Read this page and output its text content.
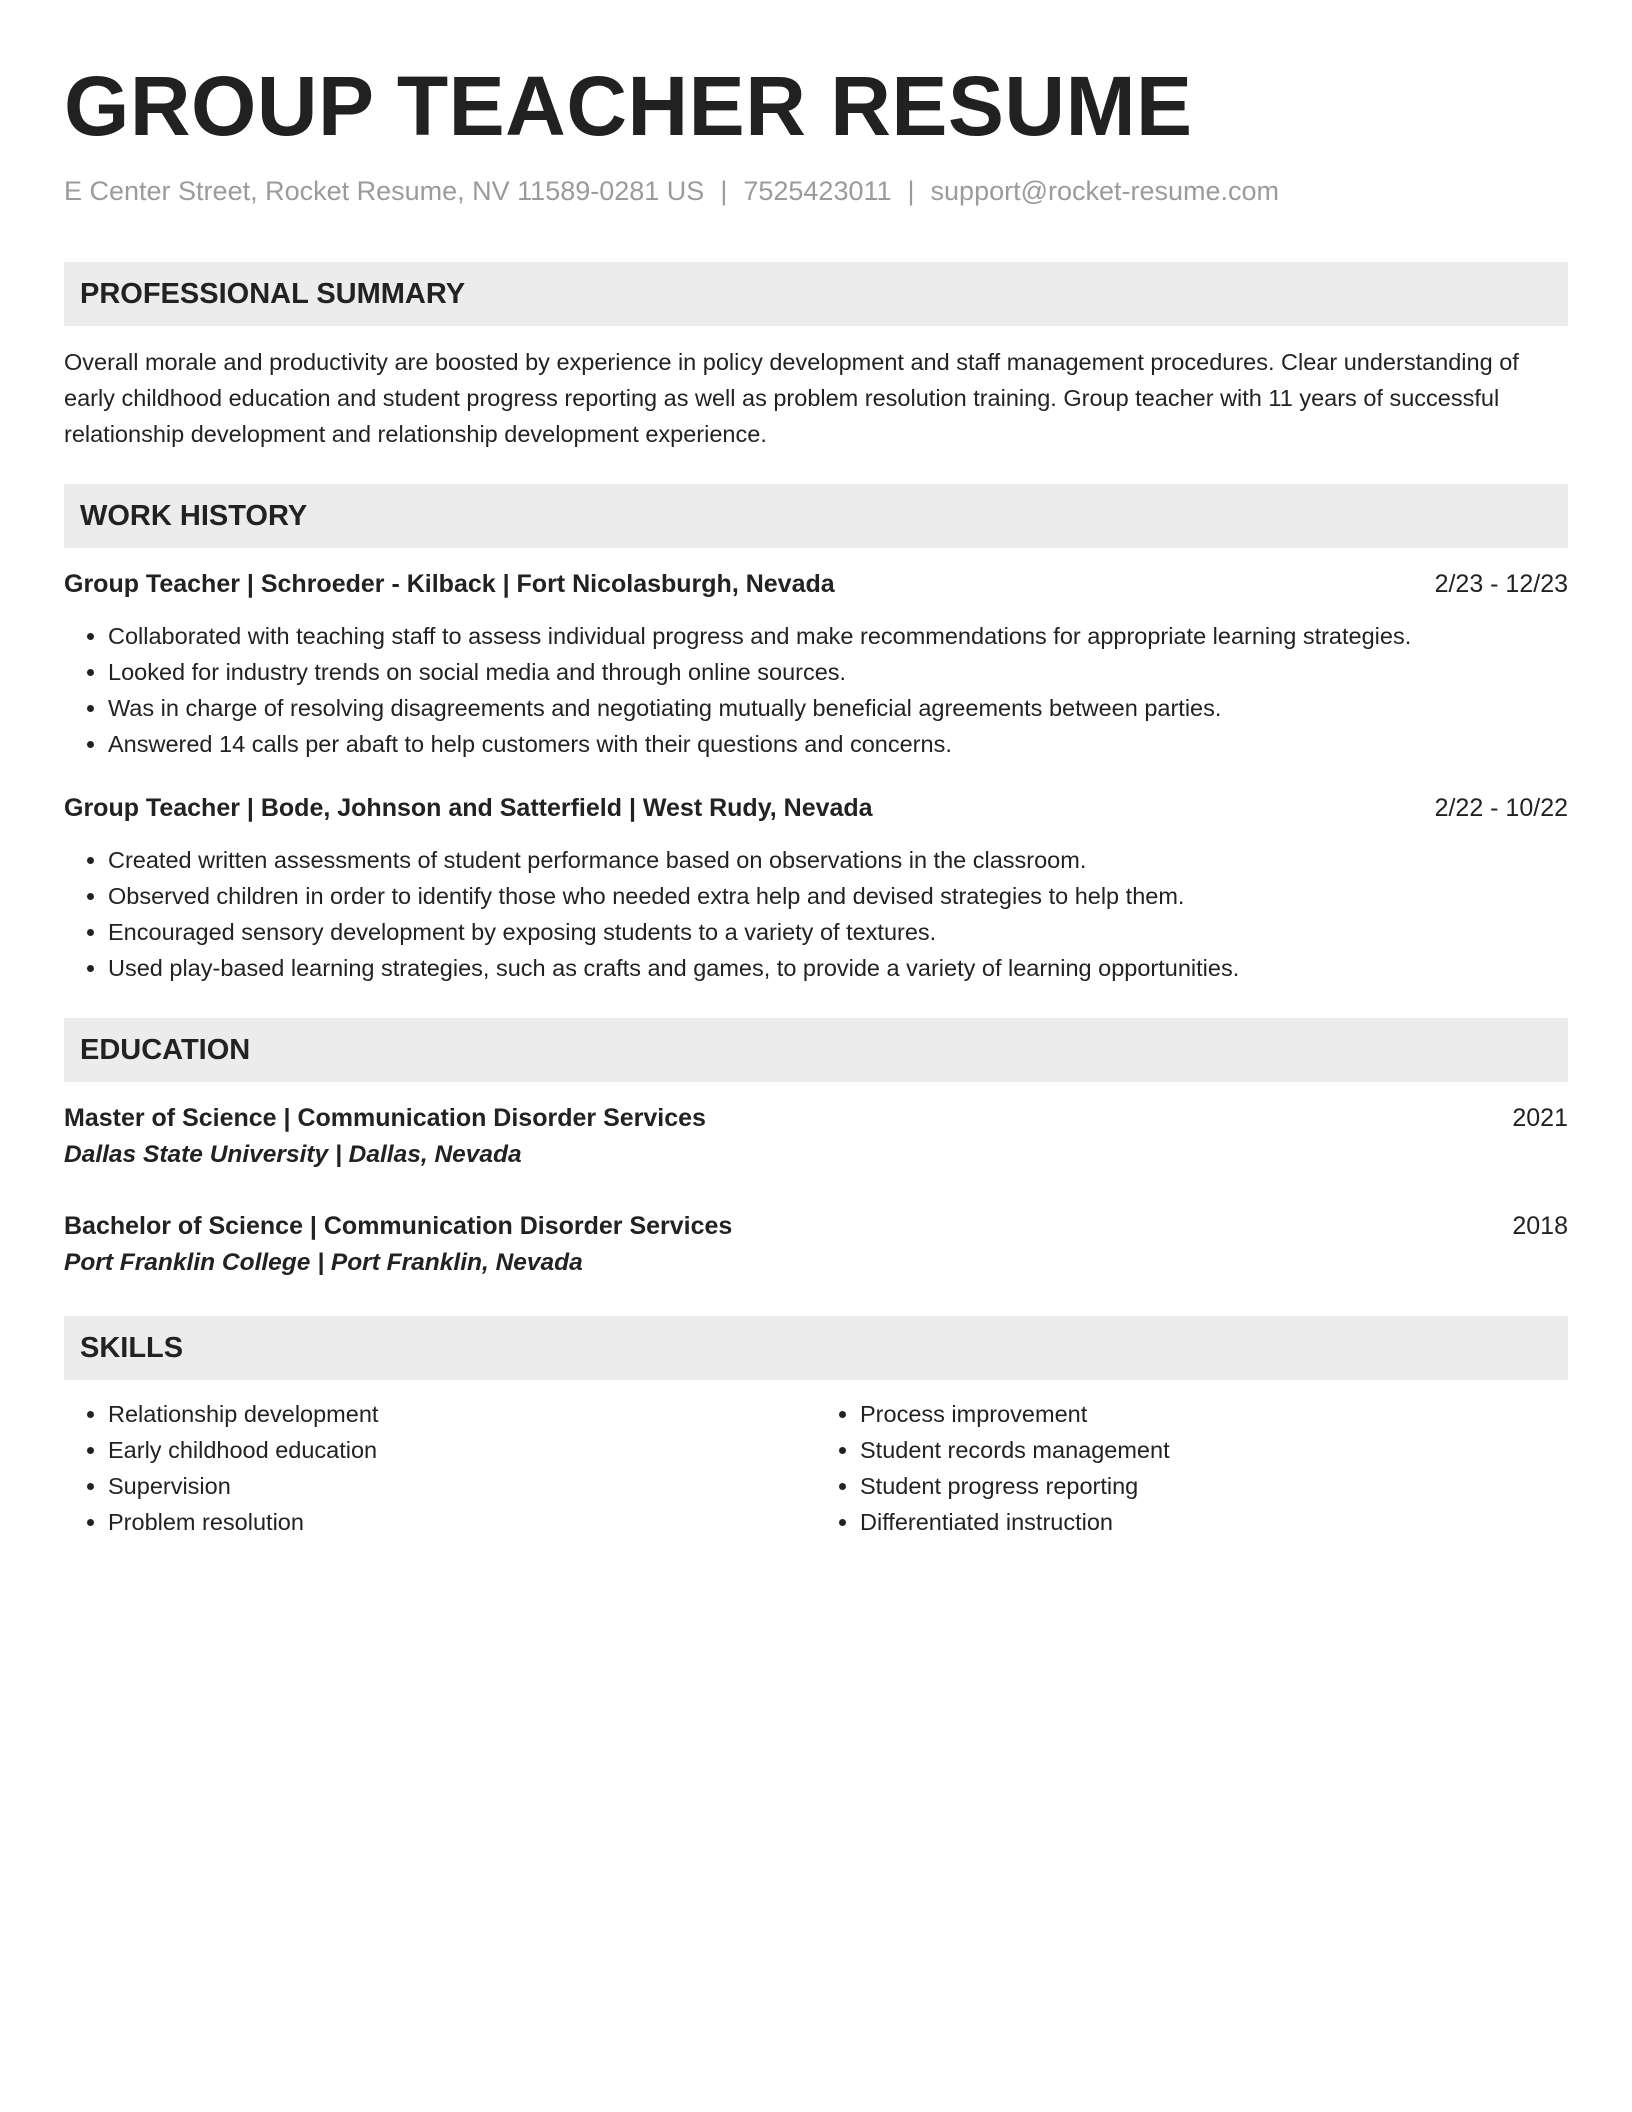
GROUP TEACHER RESUME
E Center Street, Rocket Resume, NV 11589-0281 US | 7525423011 | support@rocket-resume.com
PROFESSIONAL SUMMARY

Overall morale and productivity are boosted by experience in policy development and staff management procedures. Clear understanding of early childhood education and student progress reporting as well as problem resolution training. Group teacher with 11 years of successful relationship development and relationship development experience.

WORK HISTORY
Group Teacher | Schroeder - Kilback | Fort Nicolasburgh, Nevada	2/23 - 12/23
• Collaborated with teaching staff to assess individual progress and make recommendations for appropriate learning strategies.
• Looked for industry trends on social media and through online sources.
• Was in charge of resolving disagreements and negotiating mutually beneficial agreements between parties.
• Answered 14 calls per abaft to help customers with their questions and concerns.
Group Teacher | Bode, Johnson and Satterfield | West Rudy, Nevada	2/22 - 10/22
• Created written assessments of student performance based on observations in the classroom.
• Observed children in order to identify those who needed extra help and devised strategies to help them.
• Encouraged sensory development by exposing students to a variety of textures.
• Used play-based learning strategies, such as crafts and games, to provide a variety of learning opportunities.
EDUCATION
Master of Science | Communication Disorder Services	2021
Dallas State University | Dallas, Nevada
Bachelor of Science | Communication Disorder Services	2018
Port Franklin College | Port Franklin, Nevada
SKILLS
• Relationship development
• Early childhood education
• Supervision
• Problem resolution
• Process improvement
• Student records management
• Student progress reporting
• Differentiated instruction
